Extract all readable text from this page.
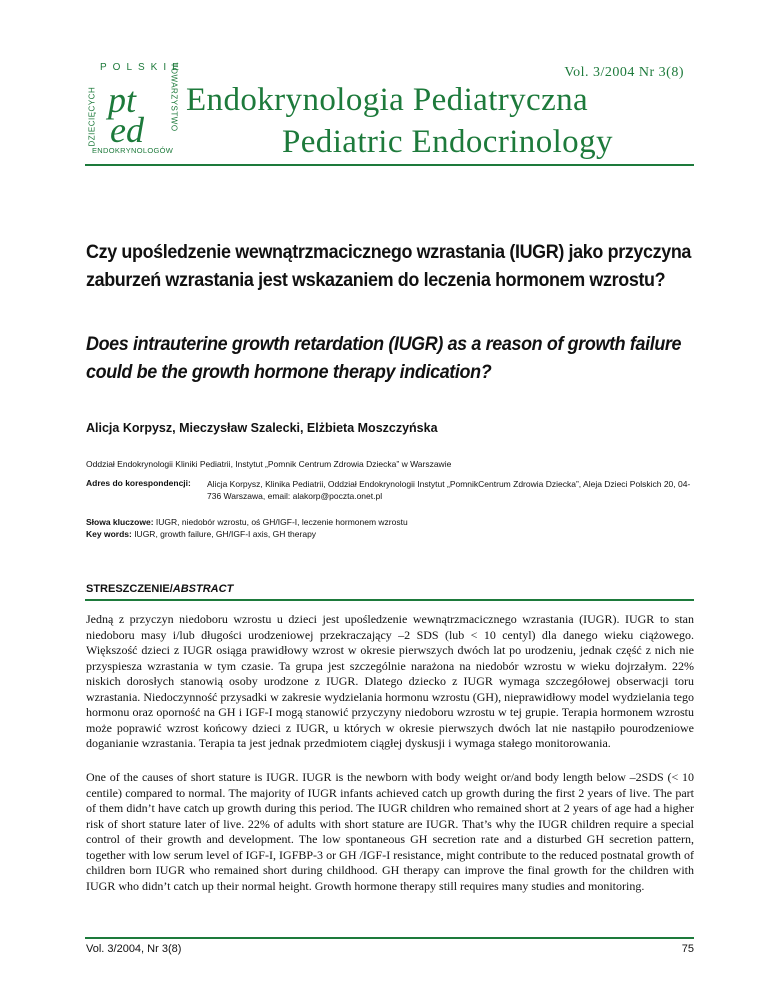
POLSKIE
DZIECIĘCYCH	TOWARZYSTWO
pt
ed
ENDOKRYNOLOGÓW
Vol. 3/2004 Nr 3(8)
Endokrynologia Pediatryczna
Pediatric Endocrinology
Czy upośledzenie wewnątrzmacicznego wzrastania (IUGR) jako przyczyna
zaburzeń wzrastania jest wskazaniem do leczenia hormonem wzrostu?
Does intrauterine growth retardation (IUGR) as a reason of growth failure
could be the growth hormone therapy indication?
Alicja Korpysz, Mieczysław Szalecki, Elżbieta Moszczyńska
Oddział Endokrynologii Kliniki Pediatrii, Instytut „Pomnik Centrum Zdrowia Dziecka” w Warszawie
Adres do korespondencji: Alicja Korpysz, Klinika Pediatrii, Oddział Endokrynologii Instytut „PomnikCentrum Zdrowia Dziecka”, Aleja Dzieci Polskich 20, 04-736 Warszawa, email: alakorp@poczta.onet.pl
Słowa kluczowe: IUGR, niedobór wzrostu, oś GH/IGF-I, leczenie hormonem wzrostu
Key words: IUGR, growth failure, GH/IGF-I axis, GH therapy
STRESZCZENIE/ABSTRACT
Jedną z przyczyn niedoboru wzrostu u dzieci jest upośledzenie wewnątrzmacicznego wzrastania (IUGR). IUGR to stan niedoboru masy i/lub długości urodzeniowej przekraczający –2 SDS (lub < 10 centyl) dla danego wieku ciążowego. Większość dzieci z IUGR osiąga prawidłowy wzrost w okresie pierwszych dwóch lat po urodzeniu, jednak część z nich nie przyspiesza wzrastania w tym czasie. Ta grupa jest szczególnie narażona na niedobór wzrostu w wieku dojrzałym. 22% niskich dorosłych stanowią osoby urodzone z IUGR. Dlatego dziecko z IUGR wymaga szczegółowej obserwacji toru wzrastania. Niedoczynność przysadki w zakresie wydzielania hormonu wzrostu (GH), nieprawidłowy model wydzielania tego hormonu oraz oporność na GH i IGF-I mogą stanowić przyczyny niedoboru wzrostu w tej grupie. Terapia hormonem wzrostu może poprawić wzrost końcowy dzieci z IUGR, u których w okresie pierwszych dwóch lat nie nastąpiło pourodzeniowe doganianie wzrastania. Terapia ta jest jednak przedmiotem ciągłej dyskusji i wymaga stałego monitorowania.
One of the causes of short stature is IUGR. IUGR is the newborn with body weight or/and body length below –2SDS (< 10 centile) compared to normal. The majority of IUGR infants achieved catch up growth during the first 2 years of live. The part of them didn’t have catch up growth during this period. The IUGR children who remained short at 2 years of age had a higher risk of short stature later of live. 22% of adults with short stature are IUGR. That’s why the IUGR children require a special control of their growth and development. The low spontaneous GH secretion rate and a disturbed GH secretion pattern, together with low serum level of IGF-I, IGFBP-3 or GH /IGF-I resistance, might contribute to the reduced postnatal growth of children born IUGR who remained short during childhood. GH therapy can improve the final growth for the children with IUGR who didn’t catch up their normal height. Growth hormone therapy still requires many studies and monitoring.
Vol. 3/2004, Nr 3(8)	75
